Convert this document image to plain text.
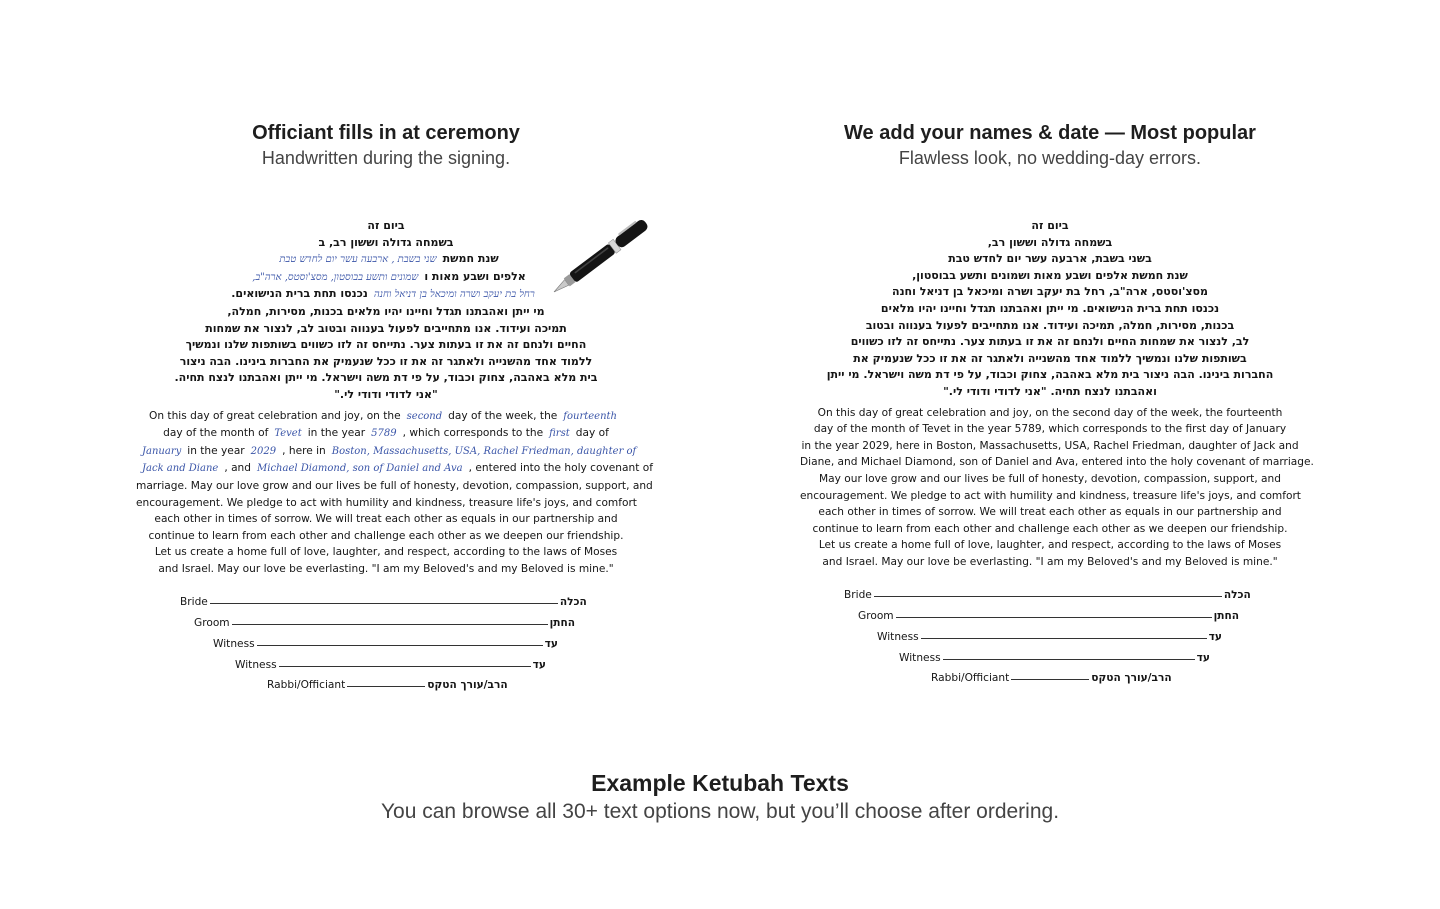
Officiant fills in at ceremony
Handwritten during the signing.
We add your names & date — Most popular
Flawless look, no wedding-day errors.
ביום זה
בשמחה גדולה וששון רב, ב
שנת חמשתשני בשבת , ארבעה עשר יום לחדש טבת
אלפים ושבע מאות ושמונים ותשע בבוסטון, מסצ'וסטס, ארה"ב,
רחל בת יעקב ושרה ומיכאל בן דניאל וחנהנכנסו תחת ברית הנישואים.
מי ייתן ואהבתנו תגדל וחיינו יהיו מלאים בכנות, מסירות, חמלה,
תמיכה ועידוד. אנו מתחייבים לפעול בענווה ובטוב לב, לנצור את שמחות
החיים ולנחם זה את זו בעתות צער. נתייחס זה לזו כשווים בשותפות שלנו ונמשיך
ללמוד אחד מהשנייה ולאתגר זה את זו ככל שנעמיק את החברות בינינו. הבה ניצור
בית מלא באהבה, צחוק וכבוד, על פי דת משה וישראל. מי ייתן ואהבתנו לנצח תחיה.
"אני לדודי ודודי לי."
On this day of great celebration and joy, on the second day of the week, the fourteenth
day of the month of Tevet in the year 5789 , which corresponds to the first day of
January in the year 2029 , here in Boston, Massachusetts, USA, Rachel Friedman, daughter of
Jack and Diane , and Michael Diamond, son of Daniel and Ava , entered into the holy covenant of
marriage. May our love grow and our lives be full of honesty, devotion, compassion, support, and
encouragement. We pledge to act with humility and kindness, treasure life's joys, and comfort
each other in times of sorrow. We will treat each other as equals in our partnership and
continue to learn from each other and challenge each other as we deepen our friendship.
Let us create a home full of love, laughter, and respect, according to the laws of Moses
and Israel. May our love be everlasting. "I am my Beloved's and my Beloved is mine."
Bride	הכלה
Groom	החתן
Witness	עד
Witness	עד
Rabbi/Officiant	הרב/עורך הטקס
ביום זה
בשמחה גדולה וששון רב,
בשני בשבת, ארבעה עשר יום לחדש טבת
שנת חמשת אלפים ושבע מאות ושמונים ותשע בבוסטון,
מסצ'וסטס, ארה"ב, רחל בת יעקב ושרה ומיכאל בן דניאל וחנה
נכנסו תחת ברית הנישואים. מי ייתן ואהבתנו תגדל וחיינו יהיו מלאים
בכנות, מסירות, חמלה, תמיכה ועידוד. אנו מתחייבים לפעול בענווה ובטוב
לב, לנצור את שמחות החיים ולנחם זה את זו בעתות צער. נתייחס זה לזו כשווים
בשותפות שלנו ונמשיך ללמוד אחד מהשנייה ולאתגר זה את זו ככל שנעמיק את
החברות בינינו. הבה ניצור בית מלא באהבה, צחוק וכבוד, על פי דת משה וישראל. מי ייתן
ואהבתנו לנצח תחיה. "אני לדודי ודודי לי."
On this day of great celebration and joy, on the second day of the week, the fourteenth
day of the month of Tevet in the year 5789, which corresponds to the first day of January
in the year 2029, here in Boston, Massachusetts, USA, Rachel Friedman, daughter of Jack and
Diane, and Michael Diamond, son of Daniel and Ava, entered into the holy covenant of marriage.
May our love grow and our lives be full of honesty, devotion, compassion, support, and
encouragement. We pledge to act with humility and kindness, treasure life's joys, and comfort
each other in times of sorrow. We will treat each other as equals in our partnership and
continue to learn from each other and challenge each other as we deepen our friendship.
Let us create a home full of love, laughter, and respect, according to the laws of Moses
and Israel. May our love be everlasting. "I am my Beloved's and my Beloved is mine."
Bride	הכלה
Groom	החתן
Witness	עד
Witness	עד
Rabbi/Officiant	הרב/עורך הטקס
Example Ketubah Texts
You can browse all 30+ text options now, but you’ll choose after ordering.
